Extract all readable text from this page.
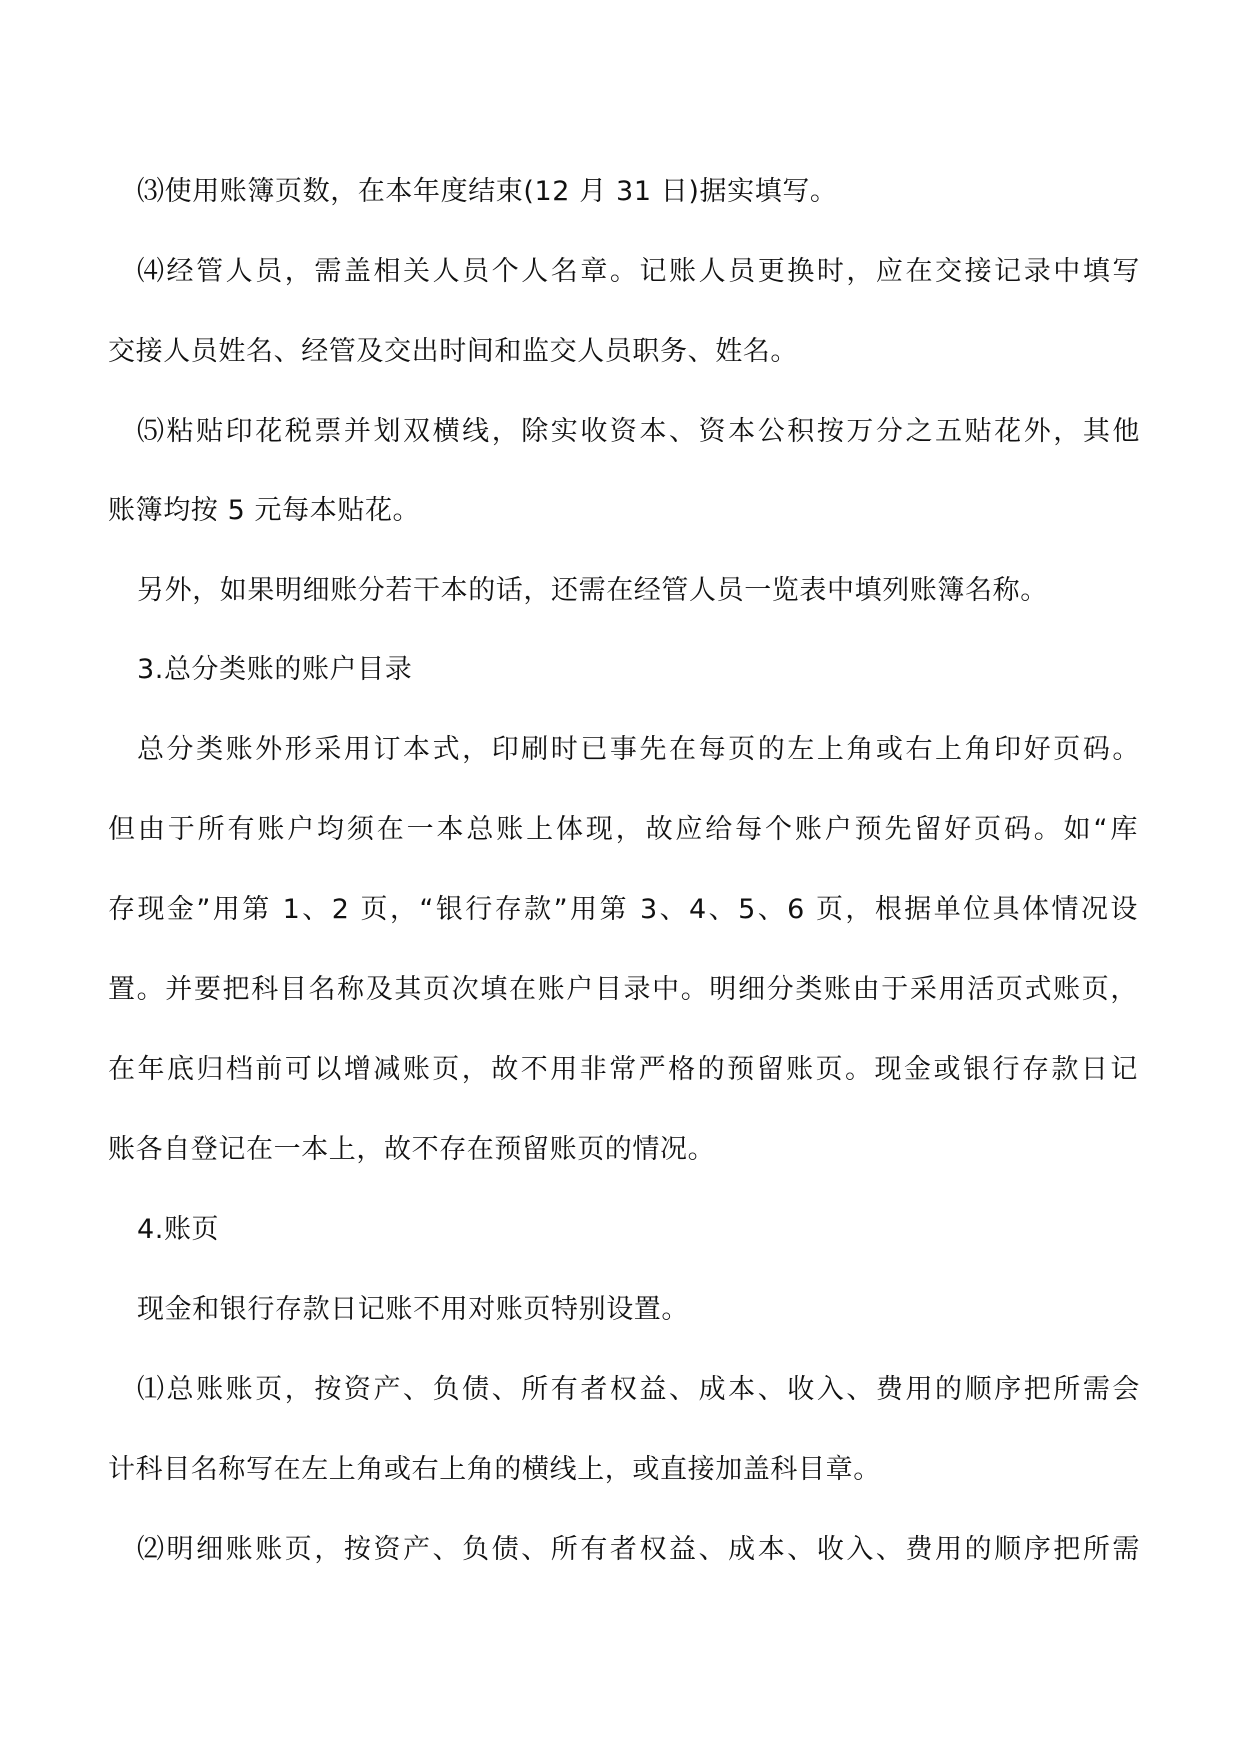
⑶使用账簿页数，在本年度结束(12 月 31 日)据实填写。
⑷经管人员，需盖相关人员个人名章。记账人员更换时，应在交接记录中填写
交接人员姓名、经管及交出时间和监交人员职务、姓名。
⑸粘贴印花税票并划双横线，除实收资本、资本公积按万分之五贴花外，其他
账簿均按 5 元每本贴花。
另外，如果明细账分若干本的话，还需在经管人员一览表中填列账簿名称。
3.总分类账的账户目录
总分类账外形采用订本式，印刷时已事先在每页的左上角或右上角印好页码。
但由于所有账户均须在一本总账上体现，故应给每个账户预先留好页码。如“库
存现金”用第 1、2 页，“银行存款”用第 3、4、5、6 页，根据单位具体情况设
置。并要把科目名称及其页次填在账户目录中。明细分类账由于采用活页式账页，
在年底归档前可以增减账页，故不用非常严格的预留账页。现金或银行存款日记
账各自登记在一本上，故不存在预留账页的情况。
4.账页
现金和银行存款日记账不用对账页特别设置。
⑴总账账页，按资产、负债、所有者权益、成本、收入、费用的顺序把所需会
计科目名称写在左上角或右上角的横线上，或直接加盖科目章。
⑵明细账账页，按资产、负债、所有者权益、成本、收入、费用的顺序把所需
